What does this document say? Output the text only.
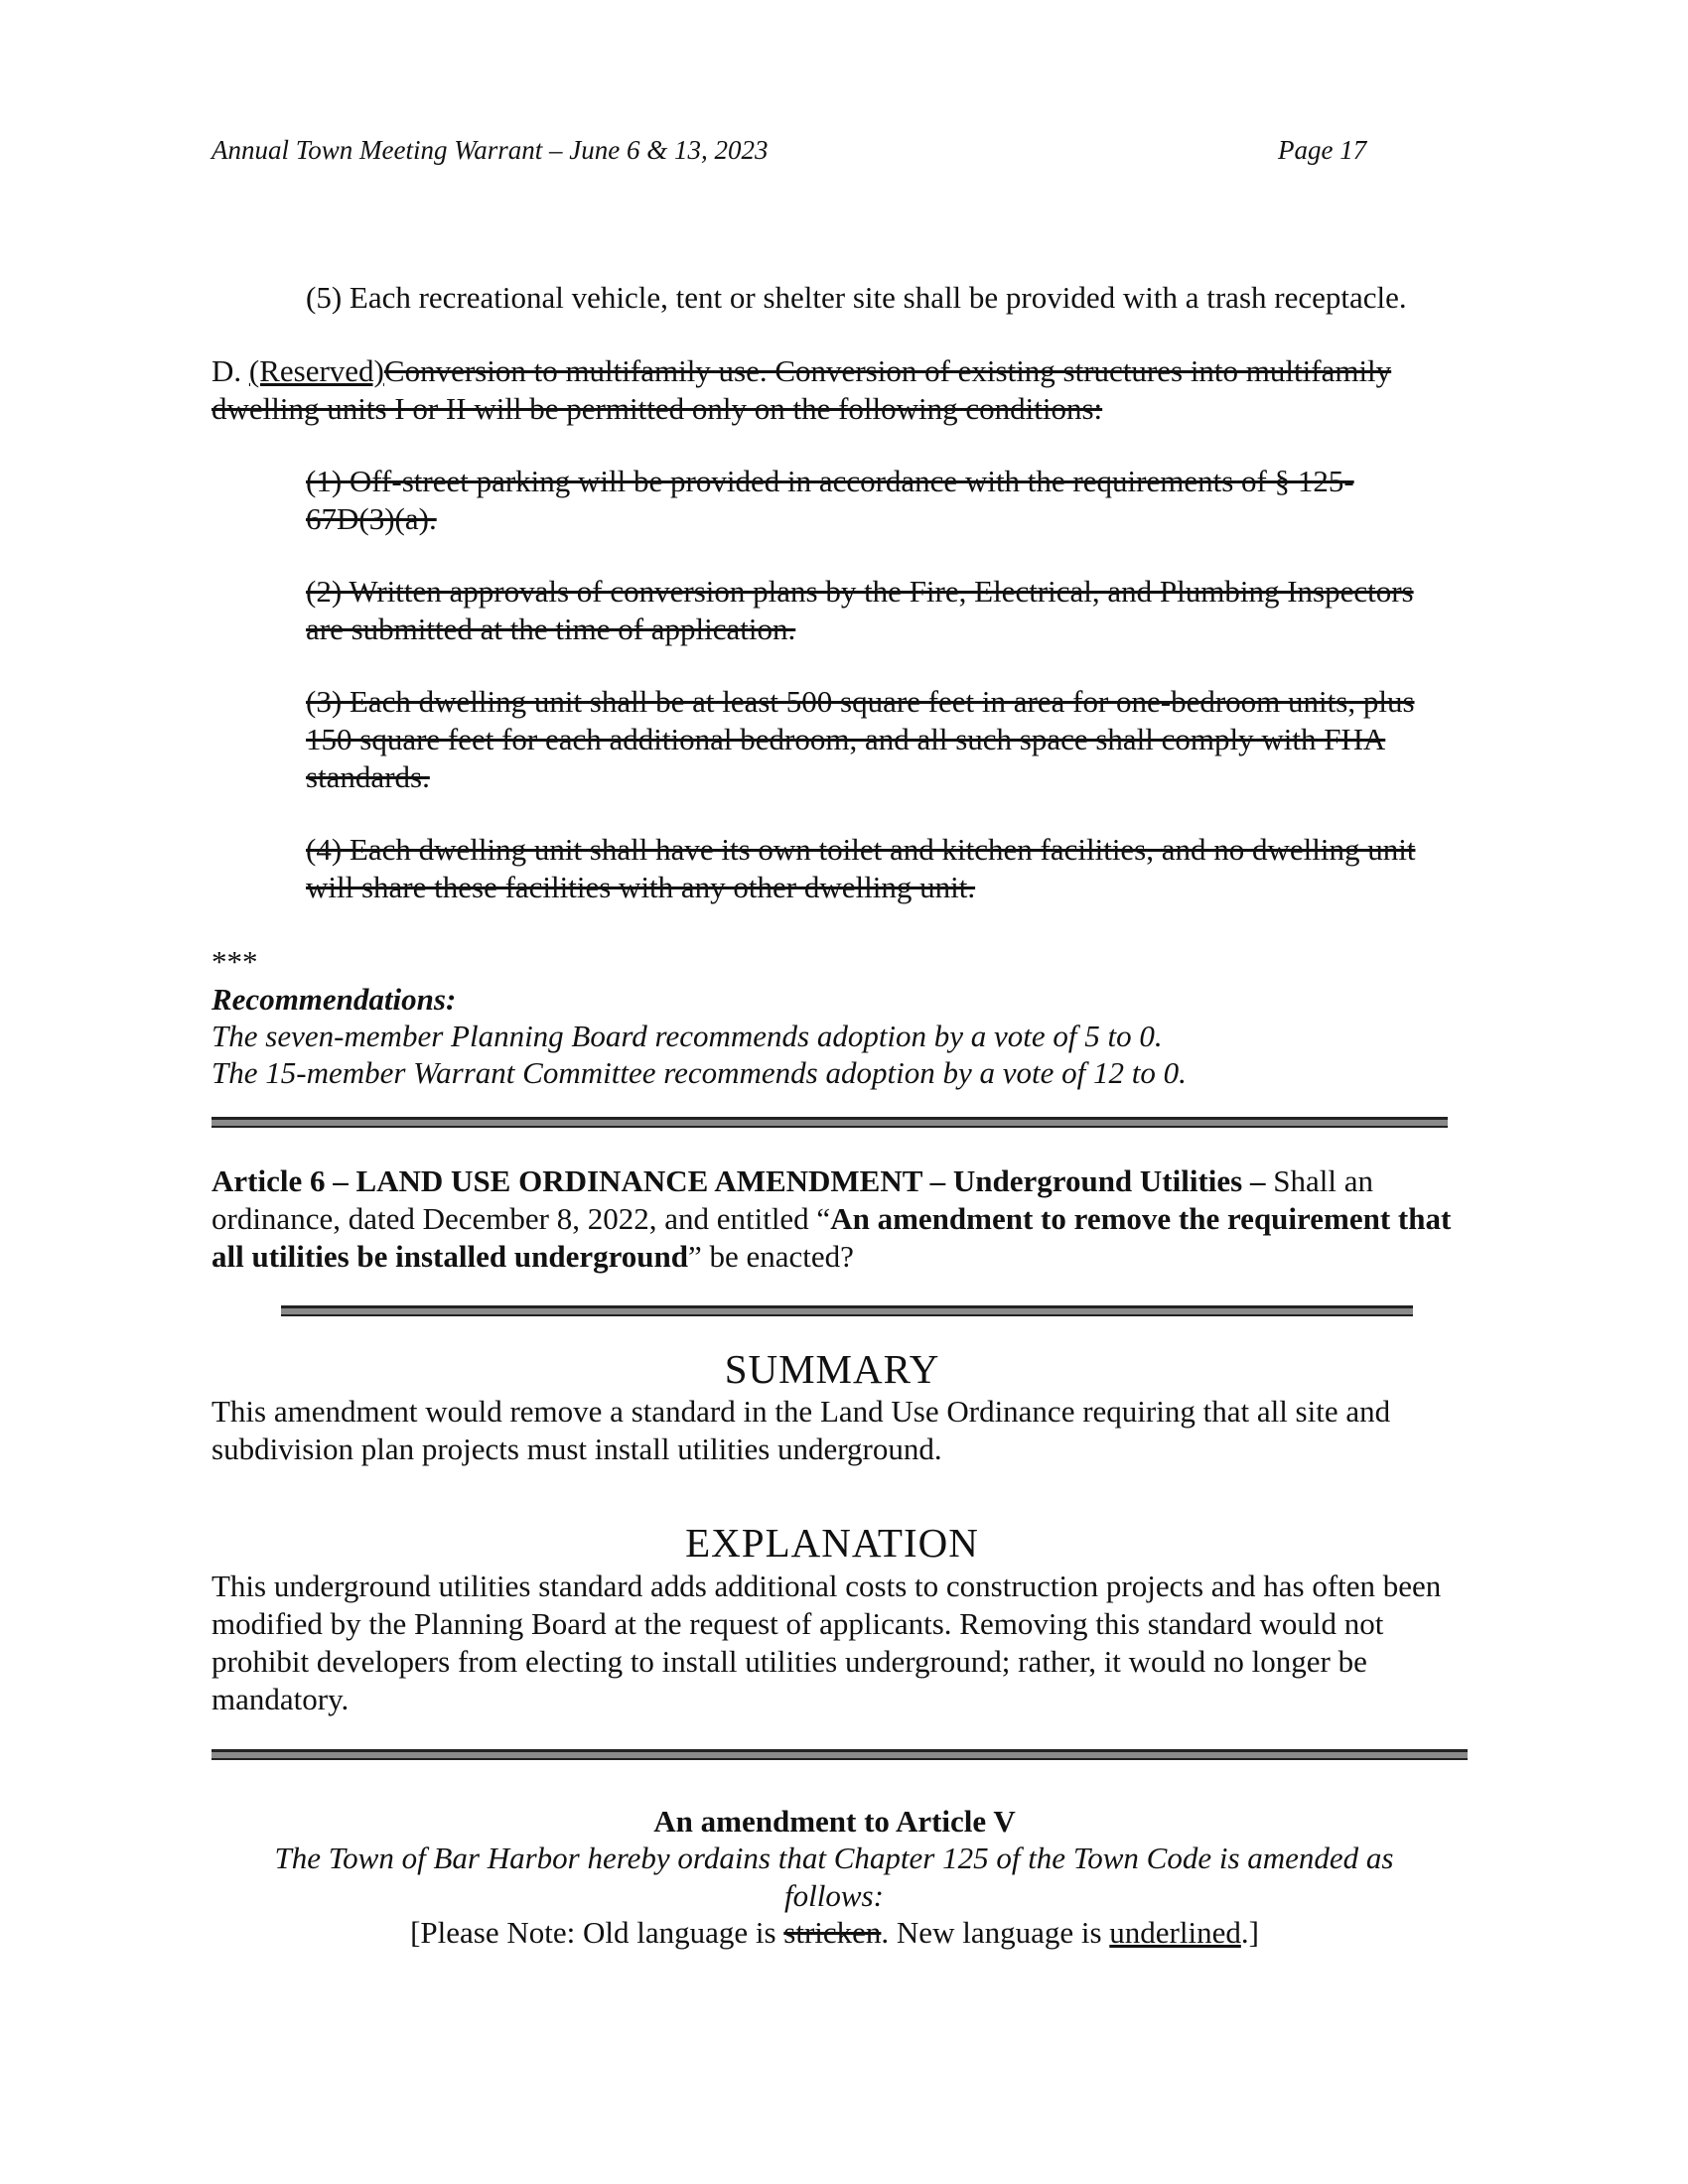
Annual Town Meeting Warrant – June 6 & 13, 2023	Page 17
(5) Each recreational vehicle, tent or shelter site shall be provided with a trash receptacle.
D. (Reserved)Conversion to multifamily use. Conversion of existing structures into multifamily dwelling units I or II will be permitted only on the following conditions:
(1) Off-street parking will be provided in accordance with the requirements of § 125-67D(3)(a).
(2) Written approvals of conversion plans by the Fire, Electrical, and Plumbing Inspectors are submitted at the time of application.
(3) Each dwelling unit shall be at least 500 square feet in area for one-bedroom units, plus 150 square feet for each additional bedroom, and all such space shall comply with FHA standards.
(4) Each dwelling unit shall have its own toilet and kitchen facilities, and no dwelling unit will share these facilities with any other dwelling unit.
***
Recommendations:
The seven-member Planning Board recommends adoption by a vote of 5 to 0.
The 15-member Warrant Committee recommends adoption by a vote of 12 to 0.
Article 6 – LAND USE ORDINANCE AMENDMENT – Underground Utilities – Shall an ordinance, dated December 8, 2022, and entitled “An amendment to remove the requirement that all utilities be installed underground” be enacted?
SUMMARY
This amendment would remove a standard in the Land Use Ordinance requiring that all site and subdivision plan projects must install utilities underground.
EXPLANATION
This underground utilities standard adds additional costs to construction projects and has often been modified by the Planning Board at the request of applicants. Removing this standard would not prohibit developers from electing to install utilities underground; rather, it would no longer be mandatory.
An amendment to Article V
The Town of Bar Harbor hereby ordains that Chapter 125 of the Town Code is amended as follows:
[Please Note: Old language is stricken. New language is underlined.]
